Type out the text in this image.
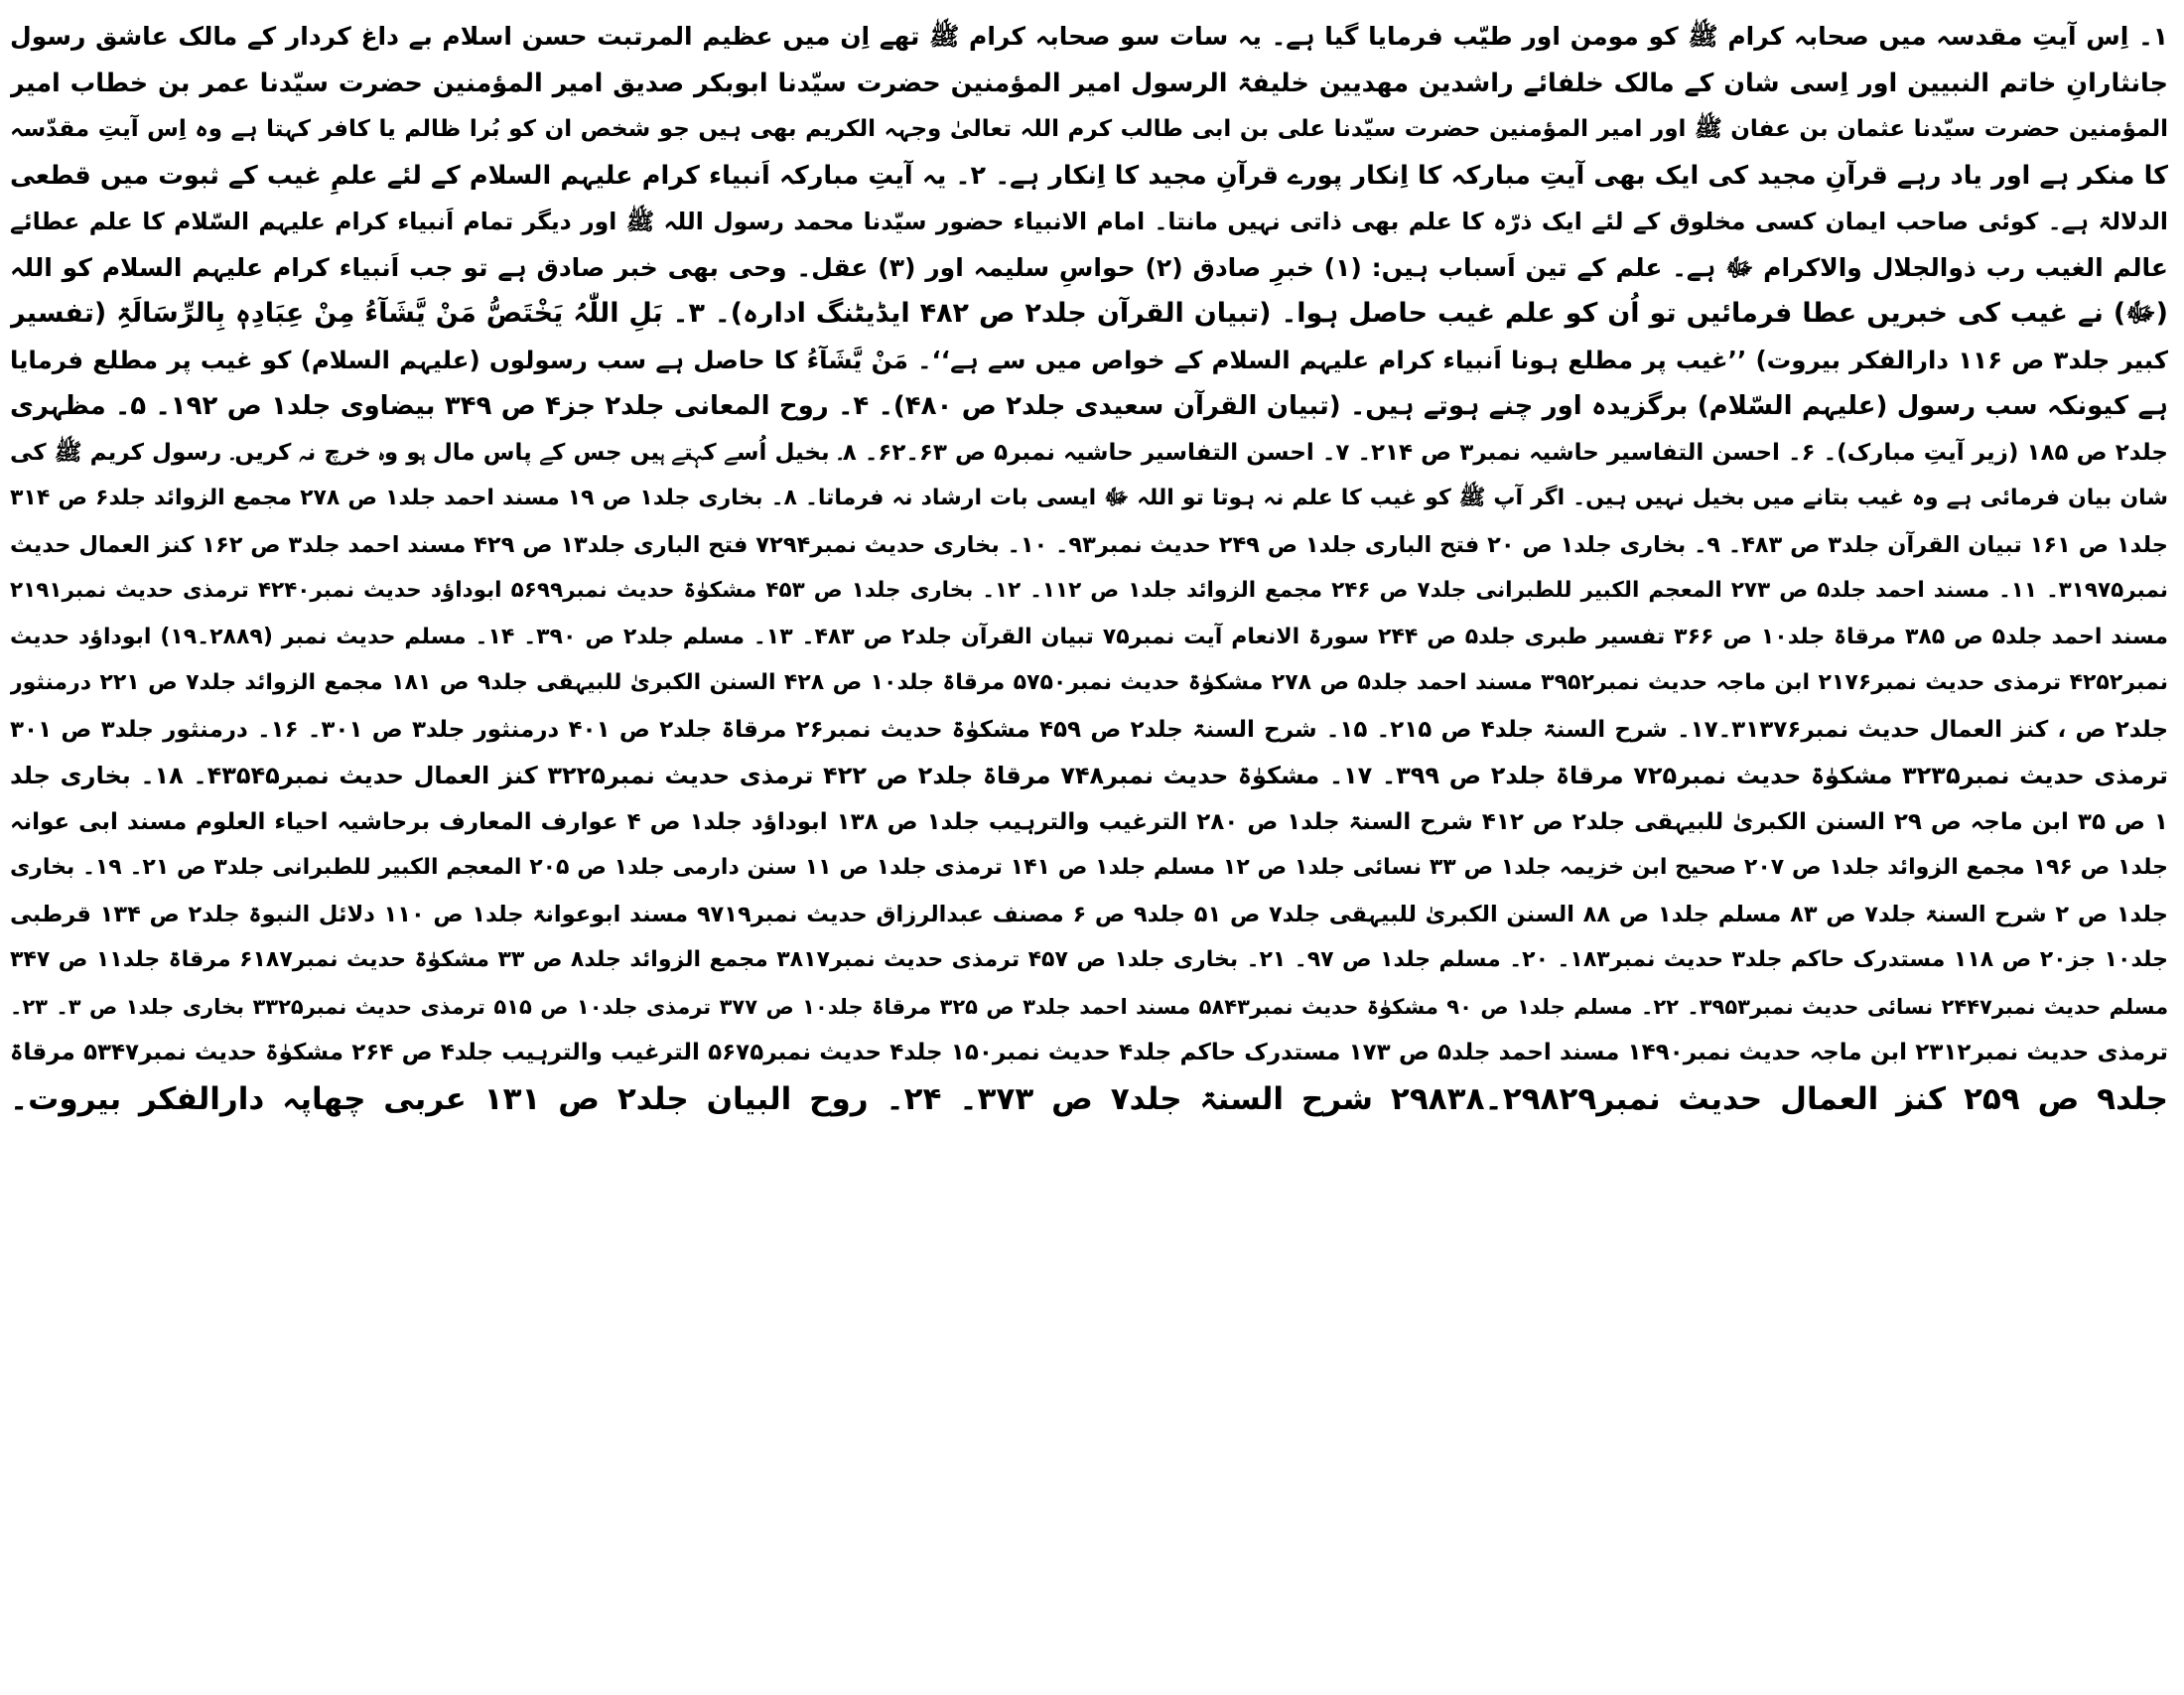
۱۔ اِس آیتِ مقدسہ میں صحابہ کرام ﷺ کو مومن اور طیّب فرمایا گیا ہے۔ یہ سات سو صحابہ کرام ﷺ تھے اِن میں عظیم المرتبت حسن اسلام بے داغ کردار کے مالک عاشق رسول
جانثارانِ خاتم النبیین اور اِسی شان کے مالک خلفائے راشدین مھدیین خلیفۃ الرسول امیر المؤمنین حضرت سیّدنا ابوبکر صدیق امیر المؤمنین حضرت سیّدنا عمر بن خطاب امیر
المؤمنین حضرت سیّدنا عثمان بن عفان ﷺ اور امیر المؤمنین حضرت سیّدنا علی بن ابی طالب کرم اللہ تعالیٰ وجہہ الکریم بھی ہیں جو شخص ان کو بُرا ظالم یا کافر کہتا ہے وہ اِس آیتِ مقدّسہ
کا منکر ہے اور یاد رہے قرآنِ مجید کی ایک بھی آیتِ مبارکہ کا اِنکار پورے قرآنِ مجید کا اِنکار ہے۔ ۲۔ یہ آیتِ مبارکہ اَنبیاء کرام علیہم السلام کے لئے علمِ غیب کے ثبوت میں قطعی
الدلالۃ ہے۔ کوئی صاحب ایمان کسی مخلوق کے لئے ایک ذرّہ کا علم بھی ذاتی نہیں مانتا۔ امام الانبیاء حضور سیّدنا محمد رسول اللہ ﷺ اور دیگر تمام اَنبیاء کرام علیہم السّلام کا علم عطائے
عالم الغیب رب ذوالجلال والاکرام ﷻ ہے۔ علم کے تین اَسباب ہیں: (۱) خبرِ صادق (۲) حواسِ سلیمہ اور (۳) عقل۔ وحی بھی خبر صادق ہے تو جب اَنبیاء کرام علیہم السلام کو اللہ
(ﷻ) نے غیب کی خبریں عطا فرمائیں تو اُن کو علم غیب حاصل ہوا۔ (تبیان القرآن جلد۲ ص ۴۸۲ ایڈیٹنگ ادارہ)۔ ۳۔ بَلِ اللّٰہُ یَخْتَصُّ مَنْ یَّشَآءُ مِنْ عِبَادِہٖ بِالرِّسَالَۃِ (تفسیر
کبیر جلد۳ ص ۱۱۶ دارالفکر بیروت) ’’غیب پر مطلع ہونا اَنبیاء کرام علیہم السلام کے خواص میں سے ہے‘‘۔ مَنْ یَّشَآءُ کا حاصل ہے سب رسولوں (علیہم السلام) کو غیب پر مطلع فرمایا
ہے کیونکہ سب رسول (علیہم السّلام) برگزیدہ اور چنے ہوتے ہیں۔ (تبیان القرآن سعیدی جلد۲ ص ۴۸۰)۔ ۴۔ روح المعانی جلد۲ جز۴ ص ۳۴۹ بیضاوی جلد۱ ص ۱۹۲۔ ۵۔ مظہری
جلد۲ ص ۱۸۵ (زیر آیتِ مبارک)۔ ۶۔ احسن التفاسیر حاشیہ نمبر۳ ص ۲۱۴۔ ۷۔ احسن التفاسیر حاشیہ نمبر۵ ص ۶۳۔۶۲۔ ۸۔ بخیل اُسے کہتے ہیں جس کے پاس مال ہو وہ خرچ نہ کریں۔ رسول کریم ﷺ کی
شان بیان فرمائی ہے وہ غیب بتانے میں بخیل نہیں ہیں۔ اگر آپ ﷺ کو غیب کا علم نہ ہوتا تو اللہ ﷻ ایسی بات ارشاد نہ فرماتا۔ ۸۔ بخاری جلد۱ ص ۱۹ مسند احمد جلد۱ ص ۲۷۸ مجمع الزوائد جلد۶ ص ۳۱۴
جلد۱ ص ۱۶۱ تبیان القرآن جلد۳ ص ۴۸۳۔ ۹۔ بخاری جلد۱ ص ۲۰ فتح الباری جلد۱ ص ۲۴۹ حدیث نمبر۹۳۔ ۱۰۔ بخاری حدیث نمبر۷۲۹۴ فتح الباری جلد۱۳ ص ۴۲۹ مسند احمد جلد۳ ص ۱۶۲ کنز العمال حدیث
نمبر۳۱۹۷۵۔ ۱۱۔ مسند احمد جلد۵ ص ۲۷۳ المعجم الکبیر للطبرانی جلد۷ ص ۲۴۶ مجمع الزوائد جلد۱ ص ۱۱۲۔ ۱۲۔ بخاری جلد۱ ص ۴۵۳ مشکوٰۃ حدیث نمبر۵۶۹۹ ابوداؤد حدیث نمبر۴۲۴۰ ترمذی حدیث نمبر۲۱۹۱
مسند احمد جلد۵ ص ۳۸۵ مرقاۃ جلد۱۰ ص ۳۶۶ تفسیر طبری جلد۵ ص ۲۴۴ سورۃ الانعام آیت نمبر۷۵ تبیان القرآن جلد۲ ص ۴۸۳۔ ۱۳۔ مسلم جلد۲ ص ۳۹۰۔ ۱۴۔ مسلم حدیث نمبر (۲۸۸۹۔۱۹) ابوداؤد حدیث
نمبر۴۲۵۲ ترمذی حدیث نمبر۲۱۷۶ ابن ماجہ حدیث نمبر۳۹۵۲ مسند احمد جلد۵ ص ۲۷۸ مشکوٰۃ حدیث نمبر۵۷۵۰ مرقاۃ جلد۱۰ ص ۴۲۸ السنن الکبریٰ للبیہقی جلد۹ ص ۱۸۱ مجمع الزوائد جلد۷ ص ۲۲۱ درمنثور
جلد۲ ص ، کنز العمال حدیث نمبر۳۱۳۷۶۔۱۷۔ شرح السنۃ جلد۴ ص ۲۱۵۔ ۱۵۔ شرح السنۃ جلد۲ ص ۴۵۹ مشکوٰۃ حدیث نمبر۲۶ مرقاۃ جلد۲ ص ۴۰۱ درمنثور جلد۳ ص ۳۰۱۔ ۱۶۔ درمنثور جلد۳ ص ۳۰۱
ترمذی حدیث نمبر۳۲۳۵ مشکوٰۃ حدیث نمبر۷۲۵ مرقاۃ جلد۲ ص ۳۹۹۔ ۱۷۔ مشکوٰۃ حدیث نمبر۷۴۸ مرقاۃ جلد۲ ص ۴۲۲ ترمذی حدیث نمبر۳۲۲۵ کنز العمال حدیث نمبر۴۳۵۴۵۔ ۱۸۔ بخاری جلد
۱ ص ۳۵ ابن ماجہ ص ۲۹ السنن الکبریٰ للبیہقی جلد۲ ص ۴۱۲ شرح السنۃ جلد۱ ص ۲۸۰ الترغیب والترہیب جلد۱ ص ۱۳۸ ابوداؤد جلد۱ ص ۴ عوارف المعارف برحاشیہ احیاء العلوم مسند ابی عوانہ
جلد۱ ص ۱۹۶ مجمع الزوائد جلد۱ ص ۲۰۷ صحیح ابن خزیمہ جلد۱ ص ۳۳ نسائی جلد۱ ص ۱۲ مسلم جلد۱ ص ۱۴۱ ترمذی جلد۱ ص ۱۱ سنن دارمی جلد۱ ص ۲۰۵ المعجم الکبیر للطبرانی جلد۳ ص ۲۱۔ ۱۹۔ بخاری
جلد۱ ص ۲ شرح السنۃ جلد۷ ص ۸۳ مسلم جلد۱ ص ۸۸ السنن الکبریٰ للبیہقی جلد۷ ص ۵۱ جلد۹ ص ۶ مصنف عبدالرزاق حدیث نمبر۹۷۱۹ مسند ابوعوانۃ جلد۱ ص ۱۱۰ دلائل النبوۃ جلد۲ ص ۱۳۴ قرطبی
جلد۱۰ جز۲۰ ص ۱۱۸ مستدرک حاکم جلد۳ حدیث نمبر۱۸۳۔ ۲۰۔ مسلم جلد۱ ص ۹۷۔ ۲۱۔ بخاری جلد۱ ص ۴۵۷ ترمذی حدیث نمبر۳۸۱۷ مجمع الزوائد جلد۸ ص ۳۳ مشکوٰۃ حدیث نمبر۶۱۸۷ مرقاۃ جلد۱۱ ص ۳۴۷
مسلم حدیث نمبر۲۴۴۷ نسائی حدیث نمبر۳۹۵۳۔ ۲۲۔ مسلم جلد۱ ص ۹۰ مشکوٰۃ حدیث نمبر۵۸۴۳ مسند احمد جلد۳ ص ۳۲۵ مرقاۃ جلد۱۰ ص ۳۷۷ ترمذی جلد۱۰ ص ۵۱۵ ترمذی حدیث نمبر۳۳۲۵ بخاری جلد۱ ص ۳۔ ۲۳۔
ترمذی حدیث نمبر۲۳۱۲ ابن ماجہ حدیث نمبر۱۴۹۰ مسند احمد جلد۵ ص ۱۷۳ مستدرک حاکم جلد۴ حدیث نمبر۱۵۰ جلد۴ حدیث نمبر۵۶۷۵ الترغیب والترہیب جلد۴ ص ۲۶۴ مشکوٰۃ حدیث نمبر۵۳۴۷ مرقاۃ
جلد۹ ص ۲۵۹ کنز العمال حدیث نمبر۲۹۸۲۹۔۲۹۸۳۸ شرح السنۃ جلد۷ ص ۳۷۳۔ ۲۴۔ روح البیان جلد۲ ص ۱۳۱ عربی چھاپہ دارالفکر بیروت۔
